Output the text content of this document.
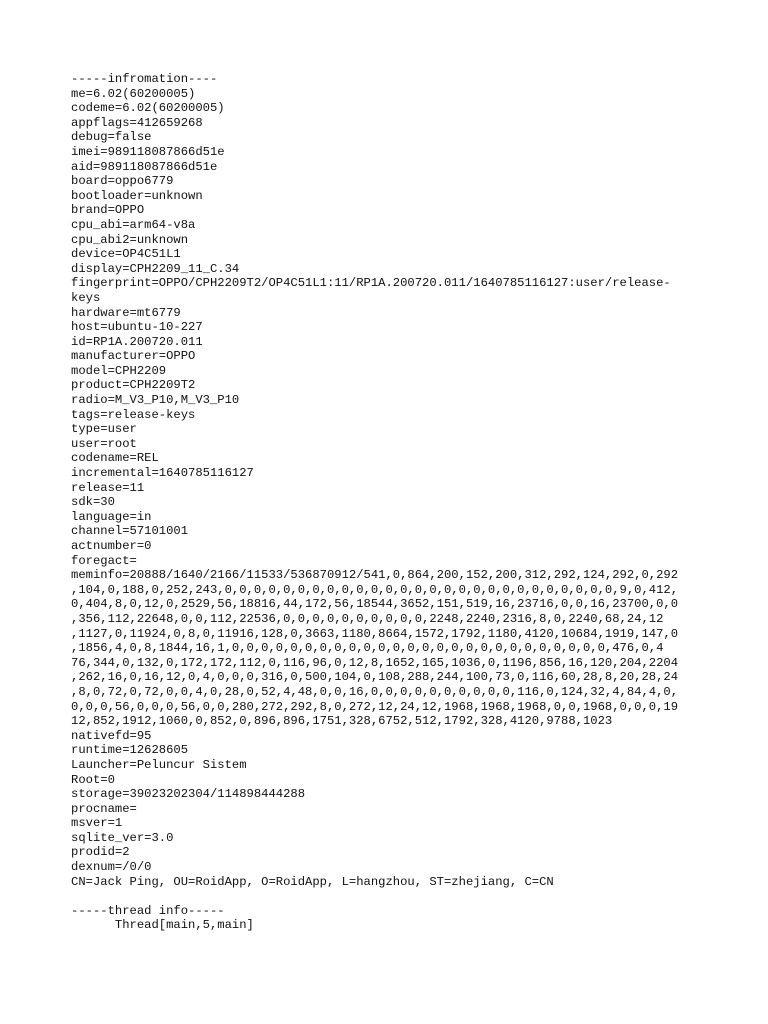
-----infromation----
me=6.02(60200005)
codeme=6.02(60200005)
appflags=412659268
debug=false
imei=989118087866d51e
aid=989118087866d51e
board=oppo6779
bootloader=unknown
brand=OPPO
cpu_abi=arm64-v8a
cpu_abi2=unknown
device=OP4C51L1
display=CPH2209_11_C.34
fingerprint=OPPO/CPH2209T2/OP4C51L1:11/RP1A.200720.011/1640785116127:user/release-
keys
hardware=mt6779
host=ubuntu-10-227
id=RP1A.200720.011
manufacturer=OPPO
model=CPH2209
product=CPH2209T2
radio=M_V3_P10,M_V3_P10
tags=release-keys
type=user
user=root
codename=REL
incremental=1640785116127
release=11
sdk=30
language=in
channel=57101001
actnumber=0
foregact=
meminfo=20888/1640/2166/11533/536870912/541,0,864,200,152,200,312,292,124,292,0,292
,104,0,188,0,252,243,0,0,0,0,0,0,0,0,0,0,0,0,0,0,0,0,0,0,0,0,0,0,0,0,0,0,0,9,0,412,
0,404,8,0,12,0,2529,56,18816,44,172,56,18544,3652,151,519,16,23716,0,0,16,23700,0,0
,356,112,22648,0,0,112,22536,0,0,0,0,0,0,0,0,0,0,2248,2240,2316,8,0,2240,68,24,12
,1127,0,11924,0,8,0,11916,128,0,3663,1180,8664,1572,1792,1180,4120,10684,1919,147,0
,1856,4,0,8,1844,16,1,0,0,0,0,0,0,0,0,0,0,0,0,0,0,0,0,0,0,0,0,0,0,0,0,0,0,476,0,4
76,344,0,132,0,172,172,112,0,116,96,0,12,8,1652,165,1036,0,1196,856,16,120,204,2204
,262,16,0,16,12,0,4,0,0,0,316,0,500,104,0,108,288,244,100,73,0,116,60,28,8,20,28,24
,8,0,72,0,72,0,0,4,0,28,0,52,4,48,0,0,16,0,0,0,0,0,0,0,0,0,0,116,0,124,32,4,84,4,0,
0,0,0,56,0,0,0,56,0,0,280,272,292,8,0,272,12,24,12,1968,1968,1968,0,0,1968,0,0,0,19
12,852,1912,1060,0,852,0,896,896,1751,328,6752,512,1792,328,4120,9788,1023
nativefd=95
runtime=12628605
Launcher=Peluncur Sistem
Root=0
storage=39023202304/114898444288
procname=
msver=1
sqlite_ver=3.0
prodid=2
dexnum=/0/0
CN=Jack Ping, OU=RoidApp, O=RoidApp, L=hangzhou, ST=zhejiang, C=CN
-----thread info-----
Thread[main,5,main]
